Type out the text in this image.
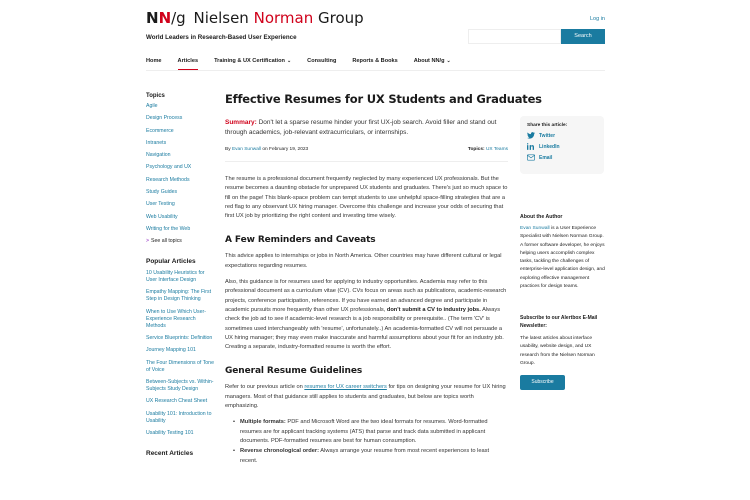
NN/g Nielsen Norman Group
World Leaders in Research-Based User Experience
Log in
Search
Home	Articles	Training & UX Certification ⌄	Consulting	Reports & Books	About NN/g ⌄
Topics
Agile
Design Process
Ecommerce
Intranets
Navigation
Psychology and UX
Research Methods
Study Guides
User Testing
Web Usability
Writing for the Web
> See all topics
Popular Articles
10 Usability Heuristics for User Interface Design
Empathy Mapping: The First Step in Design Thinking
When to Use Which User-Experience Research Methods
Service Blueprints: Definition
Journey Mapping 101
The Four Dimensions of Tone of Voice
Between-Subjects vs. Within-Subjects Study Design
UX Research Cheat Sheet
Usability 101: Introduction to Usability
Usability Testing 101
Recent Articles
Effective Resumes for UX Students and Graduates

Summary: Don't let a sparse resume hinder your first UX-job search. Avoid filler and stand out through academics, job-relevant extracurriculars, or internships.

By Evan Sunwall on February 19, 2023	Topics: UX Teams

The resume is a professional document frequently neglected by many experienced UX professionals. But the resume becomes a daunting obstacle for unprepared UX students and graduates. There's just so much space to fill on the page! This blank-space problem can tempt students to use unhelpful space-filling strategies that are a red flag to any observant UX hiring manager. Overcome this challenge and increase your odds of securing that first UX job by prioritizing the right content and investing time wisely.

A Few Reminders and Caveats

This advice applies to internships or jobs in North America. Other countries may have different cultural or legal expectations regarding resumes.

Also, this guidance is for resumes used for applying to industry opportunities. Academia may refer to this professional document as a curriculum vitae (CV). CVs focus on areas such as publications, academic-research projects, conference participation, references. If you have earned an advanced degree and participate in academic pursuits more frequently than other UX professionals, don't submit a CV to industry jobs. Always check the job ad to see if academic-level research is a job responsibility or prerequisite.. (The term 'CV' is sometimes used interchangeably with 'resume', unfortunately..) An academia-formatted CV will not persuade a UX hiring manager; they may even make inaccurate and harmful assumptions about your fit for an industry job. Creating a separate, industry-formatted resume is worth the effort.

General Resume Guidelines

Refer to our previous article on resumes for UX career switchers for tips on designing your resume for UX hiring managers. Most of that guidance still applies to students and graduates, but below are topics worth emphasizing.

• Multiple formats: PDF and Microsoft Word are the two ideal formats for resumes. Word-formatted resumes are for applicant tracking systems (ATS) that parse and track data submitted in applicant documents. PDF-formatted resumes are best for human consumption.
• Reverse chronological order: Always arrange your resume from most recent experiences to least recent.
Share this article:
Twitter
LinkedIn
Email
About the Author

Evan Sunwall is a User Experience Specialist with Nielsen Norman Group. A former software developer, he enjoys helping users accomplish complex tasks, tackling the challenges of enterprise-level application design, and exploring effective management practices for design teams.

Subscribe to our Alertbox E-Mail Newsletter:

The latest articles about interface usability, website design, and UX research from the Nielsen Norman Group.

Subscribe
